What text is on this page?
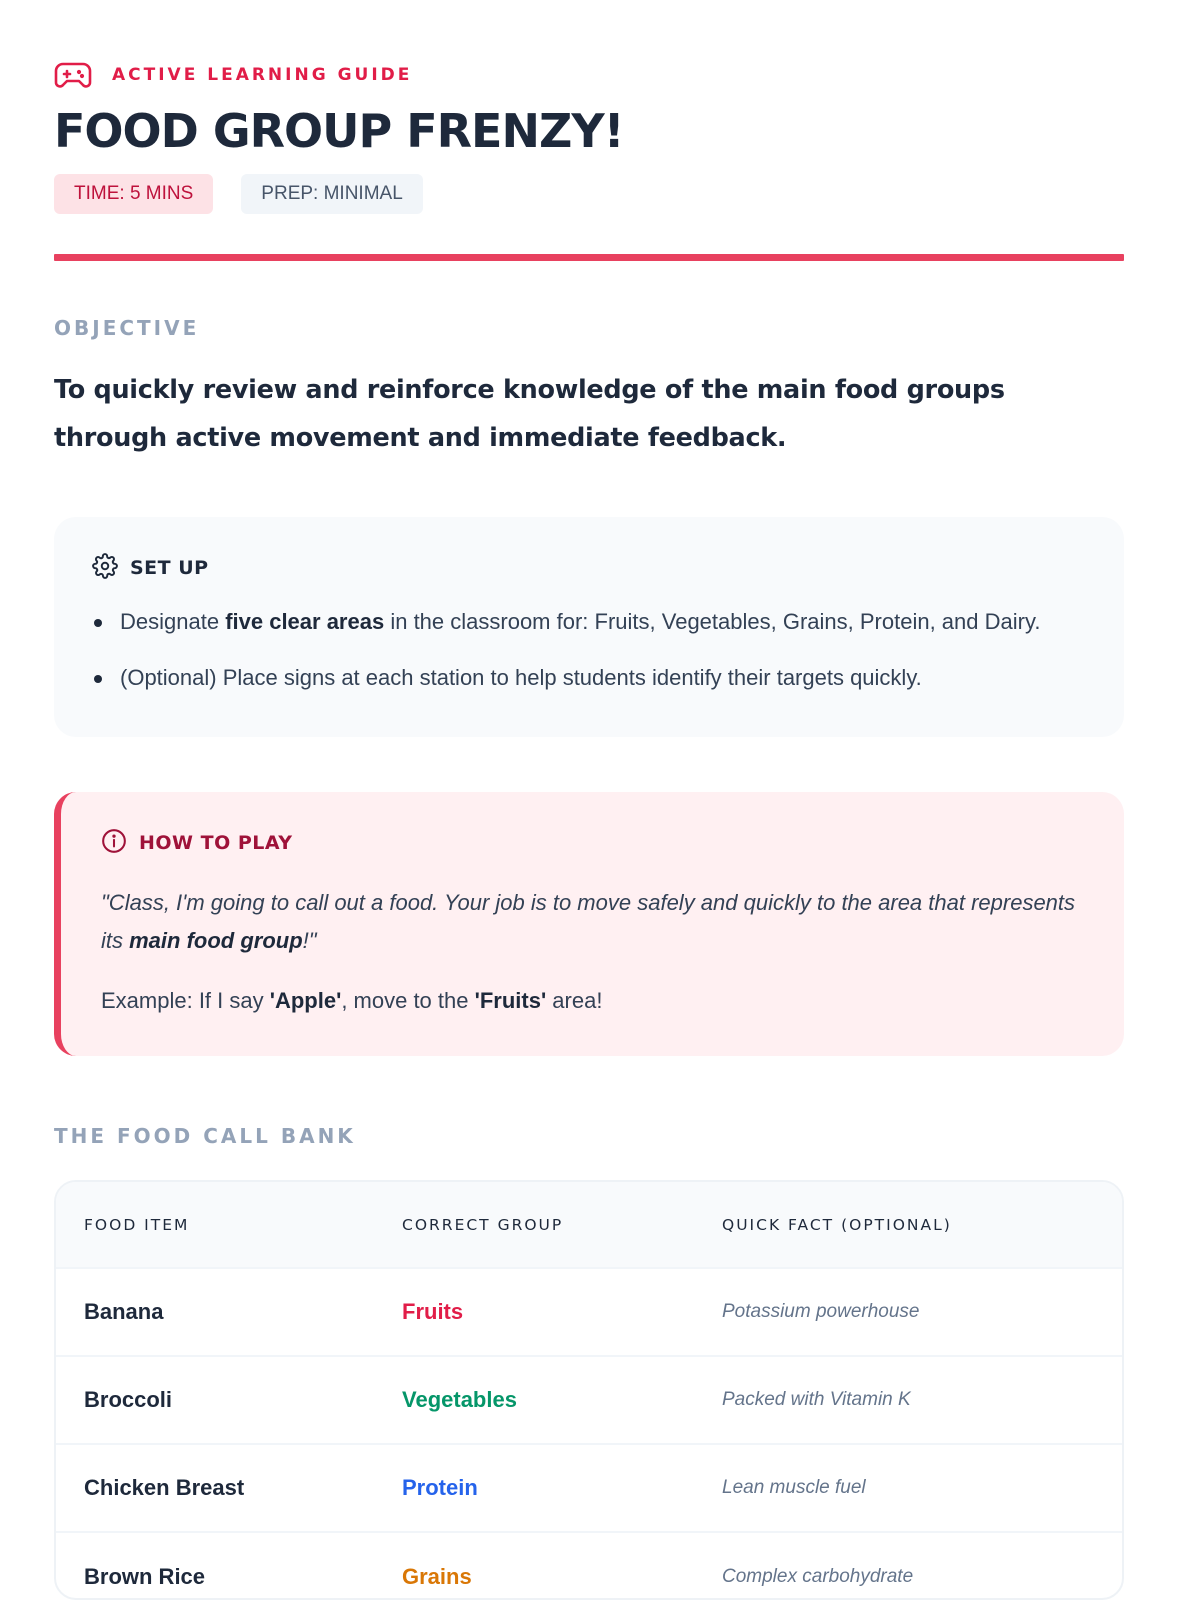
ACTIVE LEARNING GUIDE
FOOD GROUP FRENZY!
TIME: 5 MINS	PREP: MINIMAL
OBJECTIVE

To quickly review and reinforce knowledge of the main food groups through active movement and immediate feedback.

SET UP
Designate five clear areas in the classroom for: Fruits, Vegetables, Grains, Protein, and Dairy.
(Optional) Place signs at each station to help students identify their targets quickly.
HOW TO PLAY

"Class, I'm going to call out a food. Your job is to move safely and quickly to the area that represents its main food group!"

Example: If I say 'Apple', move to the 'Fruits' area!

THE FOOD CALL BANK
FOOD ITEM	CORRECT GROUP	QUICK FACT (OPTIONAL)
Banana	Fruits	Potassium powerhouse
Broccoli	Vegetables	Packed with Vitamin K
Chicken Breast	Protein	Lean muscle fuel
Brown Rice	Grains	Complex carbohydrate
